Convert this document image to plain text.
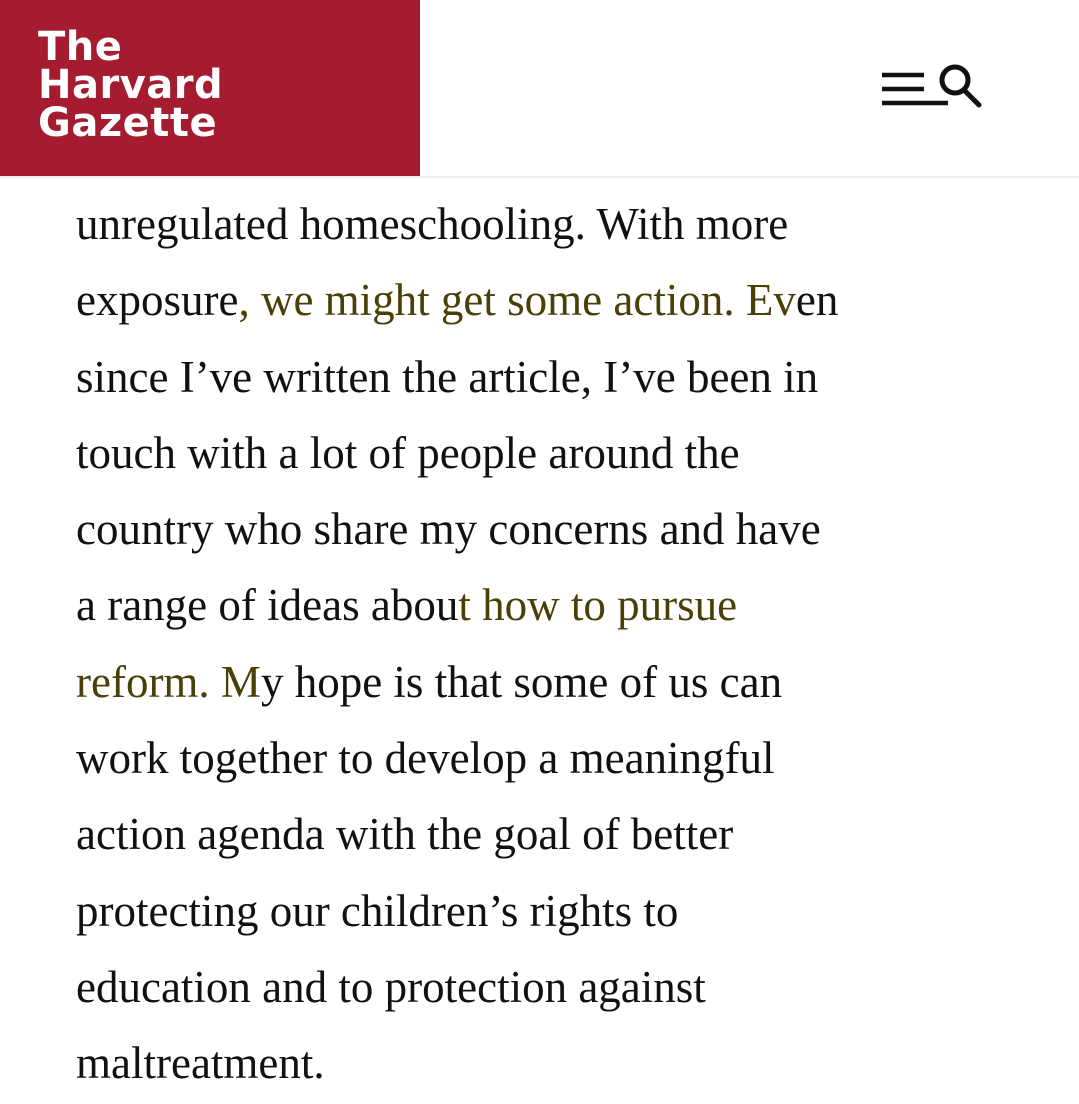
The
Harvard
Gazette
unregulated homeschooling. With more
exposure
, we might get some action. Even
since I’ve written the article, I’ve been in
touch with a lot of people around the
country who share my concerns and have
a range of ideas abou
t how to pursue
reform. My hope is that some of us can
work together to develop a meaningful
action agenda with the goal of better
protecting our children’s rights to
education and to protection against
maltreatment.
